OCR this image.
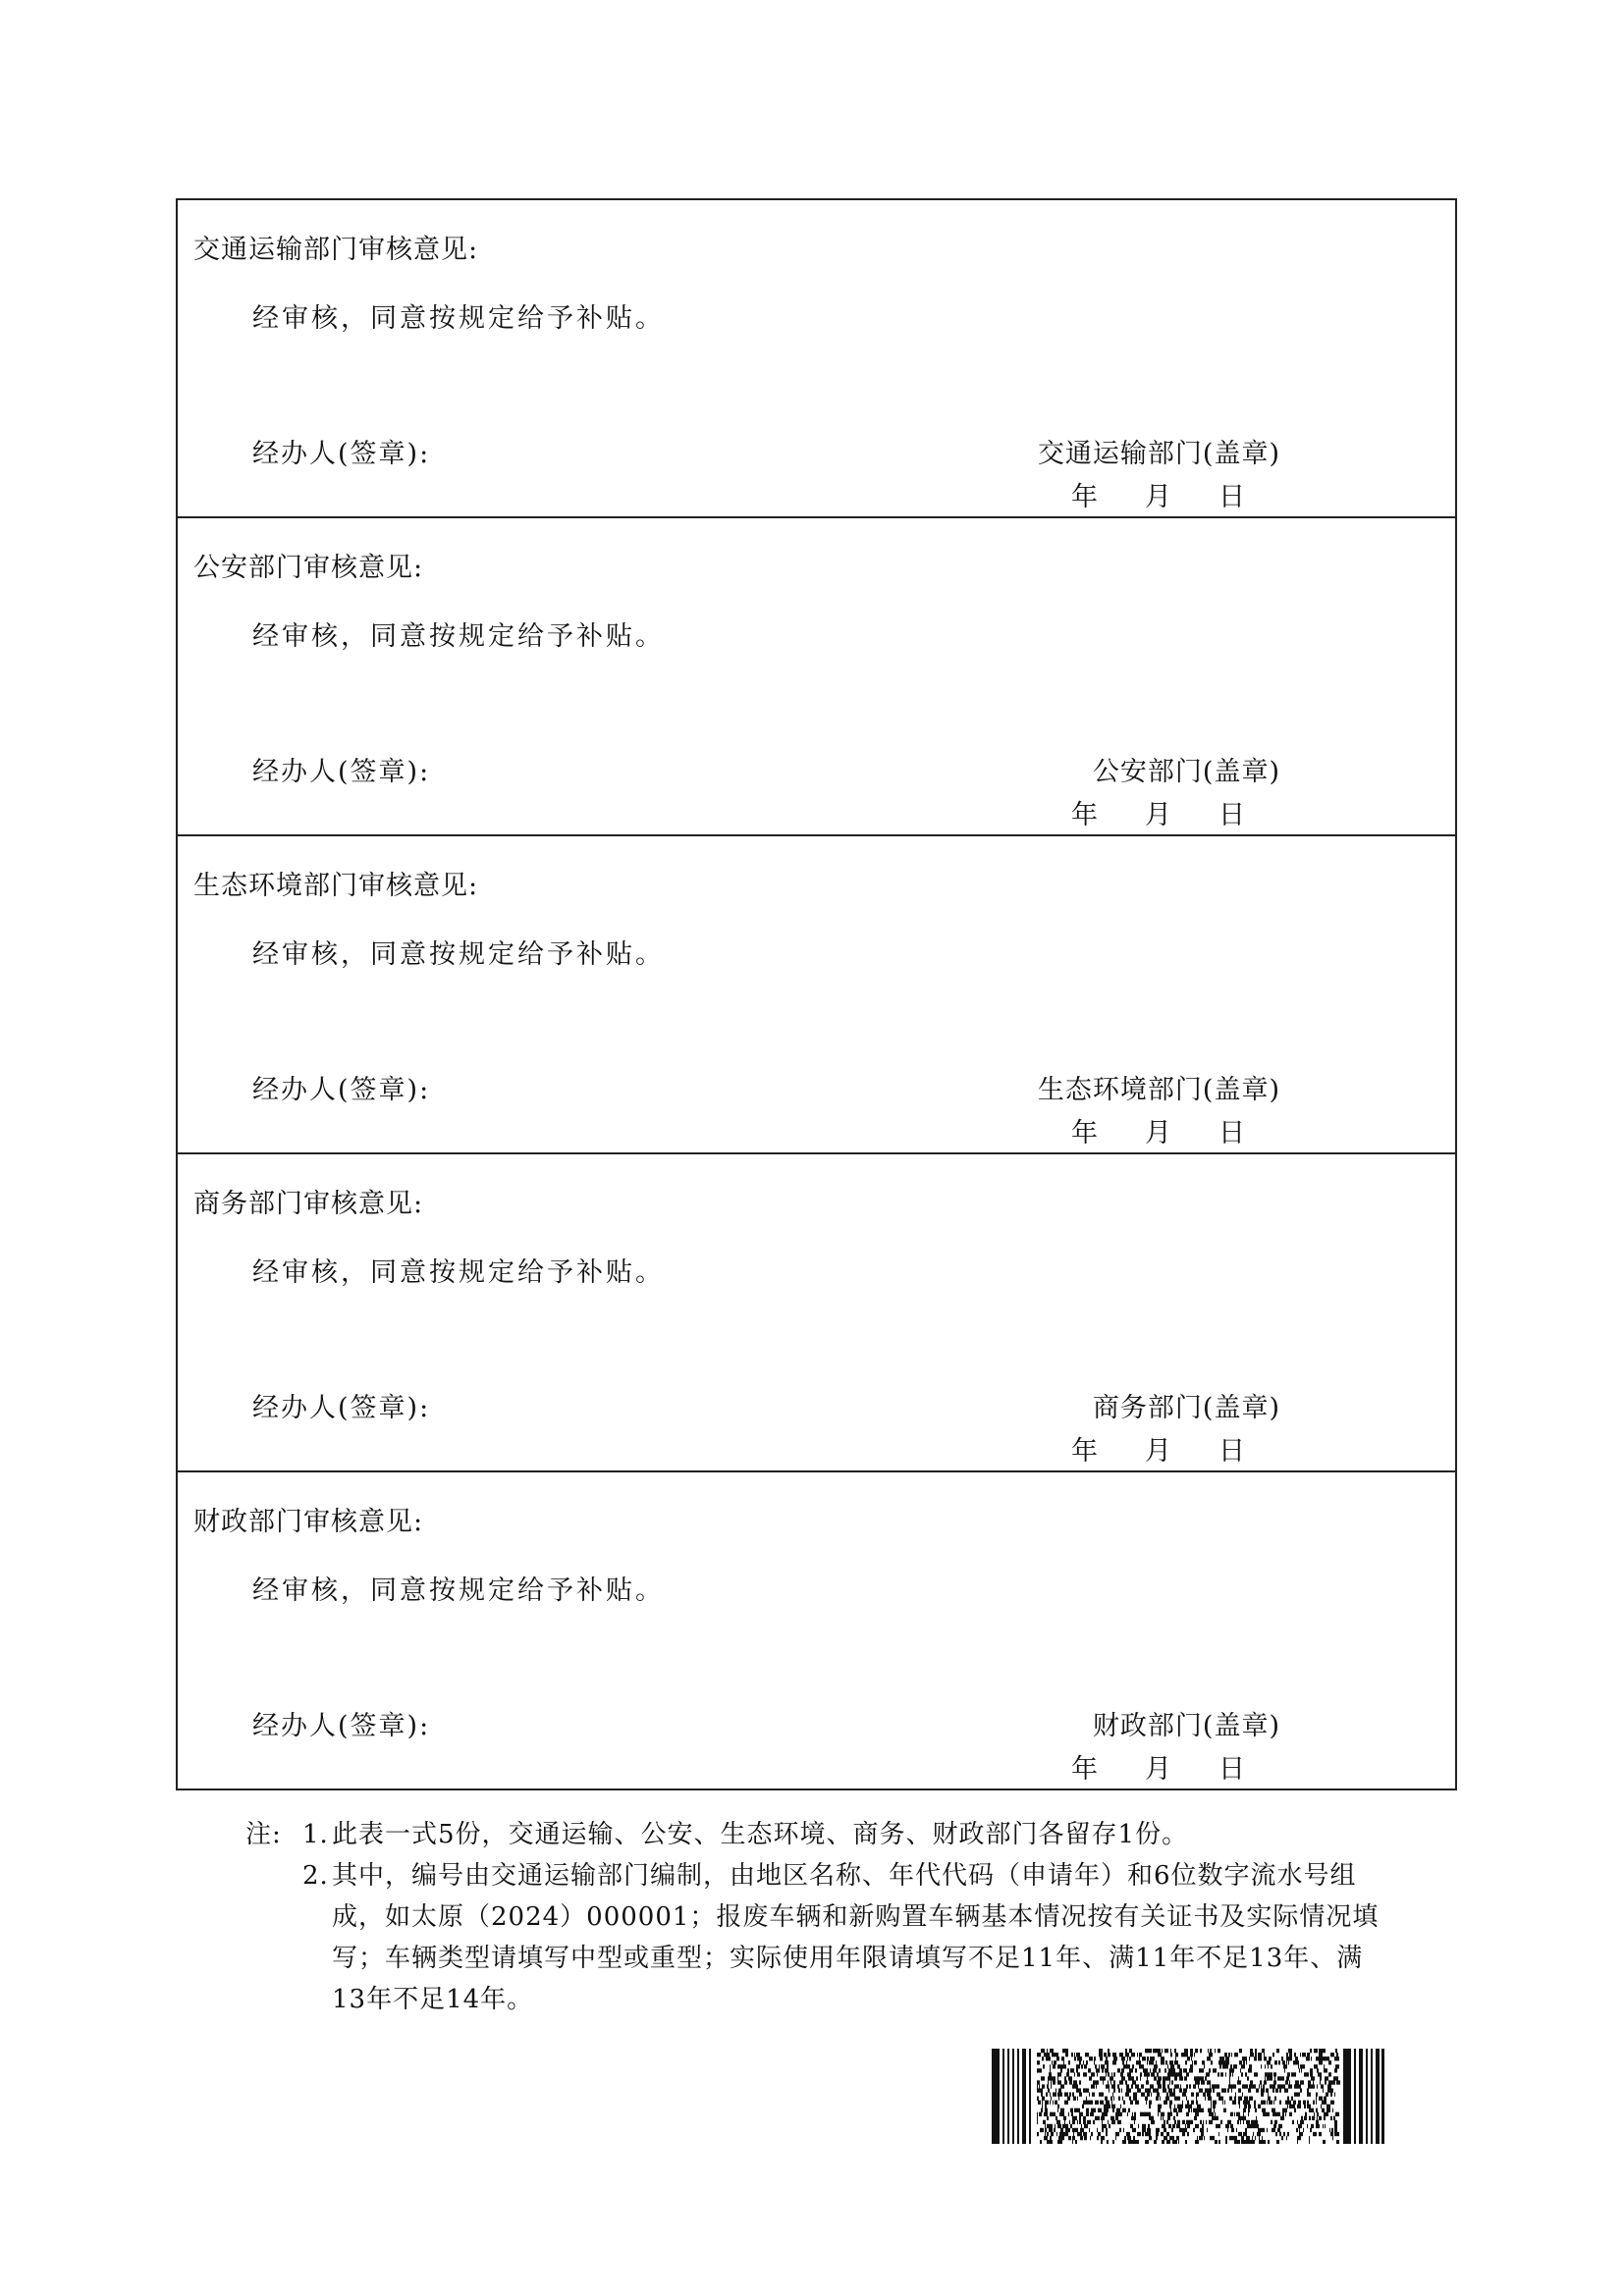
交通运输部门审核意见:
经审核，同意按规定给予补贴。
经办人(签章):	交通运输部门(盖章)
年 月 日
公安部门审核意见:
经审核，同意按规定给予补贴。
经办人(签章):	公安部门(盖章)
年 月 日
生态环境部门审核意见:
经审核，同意按规定给予补贴。
经办人(签章):	生态环境部门(盖章)
年 月 日
商务部门审核意见:
经审核，同意按规定给予补贴。
经办人(签章):	商务部门(盖章)
年 月 日
财政部门审核意见:
经审核，同意按规定给予补贴。
经办人(签章):	财政部门(盖章)
年 月 日
注: 1. 此表一式5份，交通运输、公安、生态环境、商务、财政部门各留存1份。
2. 其中，编号由交通运输部门编制，由地区名称、年代代码（申请年）和6位数字流水号组成，如太原（2024）000001；报废车辆和新购置车辆基本情况按有关证书及实际情况填写；车辆类型请填写中型或重型；实际使用年限请填写不足11年、满11年不足13年、满13年不足14年。
